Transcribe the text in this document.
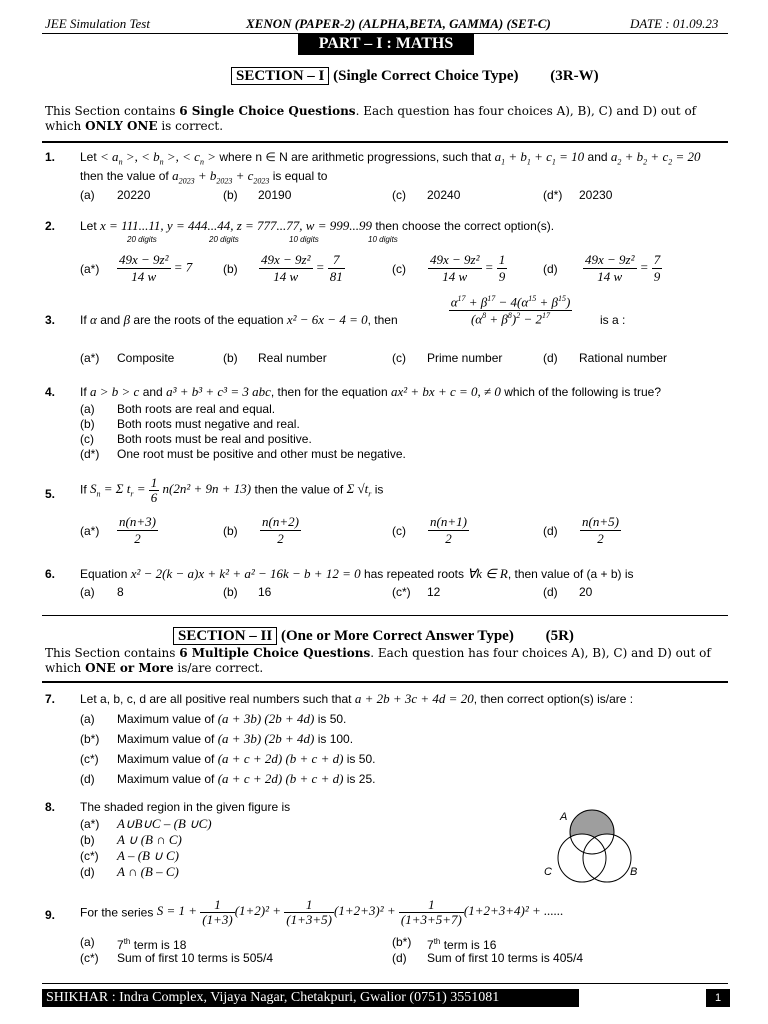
JEE Simulation Test	XENON (PAPER-2) (ALPHA,BETA, GAMMA) (SET-C)	DATE : 01.09.23
PART – I : MATHS
SECTION – I (Single Correct Choice Type) (3R-W)
This Section contains 6 Single Choice Questions. Each question has four choices A), B), C) and D) out of
which ONLY ONE is correct.
1. Let < $a_n$ >, < $b_n$ >, < $c_n$ > where n ∈ N are arithmetic progressions, such that $a_1 + b_1 + c_1 = 10$ and $a_2 + b_2 + c_2 = 20$
then the value of $a_{2023} + b_{2023} + c_{2023}$ is equal to
(a) 20220	(b) 20190	(c) 20240	(d*) 20230
2. Let x = 111...11, y = 444...44, z = 777...77, w = 999...99 then choose the correct option(s).
20 digits	20 digits	10 digits	10 digits
$(a*) \frac{\text{49x − 9z²}}{14 w} = 7$	$(b) \frac{\text{49x − 9z²}}{14 w} = \frac{7}{81}$	$(c) \frac{\text{49x − 9z²}}{14 w} = \frac{1}{9}$	$(d) \frac{\text{49x − 9z²}}{14 w} = \frac{7}{9}$
3. If α and β are the roots of the equation x² − 6x − 4 = 0, then	$\frac{\alpha^{17} + \beta^{17} - 4(\alpha^{15} + \beta^{15})}{(\alpha^8 + \beta^8)^2 - 2^{17}}$ is a :
(a*) Composite	(b) Real number	(c) Prime number	(d) Rational number
4. If a > b > c and a³ + b³ + c³ = 3 abc, then for the equation ax² + bx + c = 0, ≠ 0 which of the following is true?
(a) Both roots are real and equal.
(b) Both roots must negative and real.
(c) Both roots must be real and positive.
(d*) One root must be positive and other must be negative.
5. If $S_n = \Sigma$ $t_r = \frac{1}{6} n(2n^2 + 9n + 13)$ then the value of Σ $√t_r$ is
$(a*) \frac{n(n+3)}{2}$	$(b) \frac{n(n+2)}{2}$	$(c) \frac{n(n+1)}{2}$	$(d) \frac{n(n+5)}{2}$
6. Equation x² − 2(k − a)x + k² + a² − 16k − b + 12 = 0 has repeated roots ∀k ∈ R, then value of (a + b) is
(a) 8	(b) 16	(c*) 12	(d) 20
SECTION – II (One or More Correct Answer Type) (5R)
This Section contains 6 Multiple Choice Questions. Each question has four choices A), B), C) and D) out of
which ONE or More is/are correct.
7. Let a, b, c, d are all positive real numbers such that a + 2b + 3c + 4d = 20, then correct option(s) is/are :
(a) Maximum value of (a + 3b) (2b + 4d) is 50.
(b*) Maximum value of (a + 3b) (2b + 4d) is 100.
(c*) Maximum value of (a + c + 2d) (b + c + d) is 50.
(d) Maximum value of (a + c + 2d) (b + c + d) is 25.
8. The shaded region in the given figure is
(a*) A∪B∪C – (B ∪C)
(b) A ∪ (B ∩ C)
(c*) A – (B ∪ C)
(d) A ∩ (B – C)
A
B
C
9. For the series $S = 1 + \frac{1}{(1+3)} (1+2)^2 + \frac{1}{(1+3+5)} (1+2+3)^2 + \frac{1}{(1+3+5+7)} (1+2+3+4)^2$ + ......
(a) 7th term is 18	(b*) 7th term is 16
(c*) Sum of first 10 terms is 505/4	(d) Sum of first 10 terms is 405/4
SHIKHAR : Indra Complex, Vijaya Nagar, Chetakpuri, Gwalior (0751) 3551081	1
